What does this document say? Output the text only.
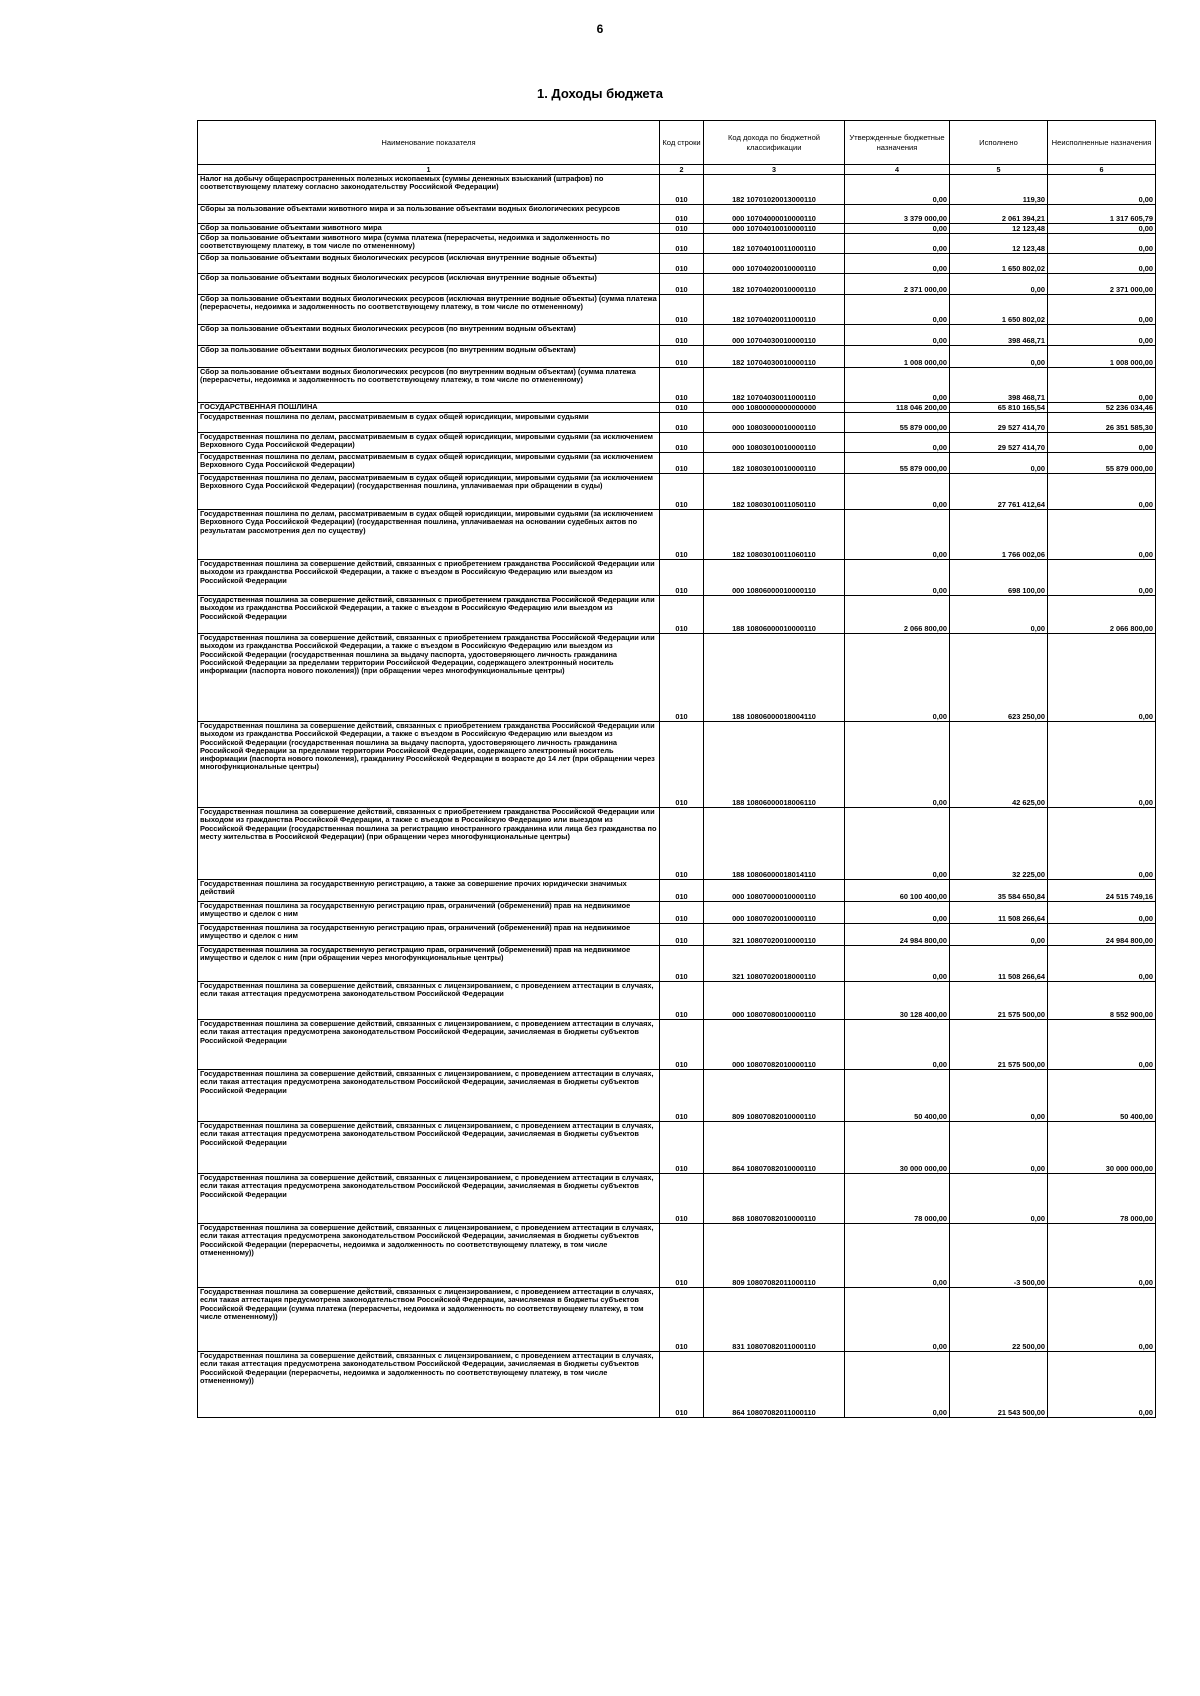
6
1. Доходы бюджета
Наименование показателя	Код строки	Код дохода по бюджетной классификации	Утвержденные бюджетные назначения	Исполнено	Неисполненные назначения
1	2	3	4	5	6
Налог на добычу общераспространенных полезных ископаемых (суммы денежных взысканий (штрафов) по соответствующему платежу согласно законодательству Российской Федерации)	010	182 10701020013000110	0,00	119,30	0,00
Сборы за пользование объектами животного мира и за пользование объектами водных биологических ресурсов	010	000 10704000010000110	3 379 000,00	2 061 394,21	1 317 605,79
Сбор за пользование объектами животного мира	010	000 10704010010000110	0,00	12 123,48	0,00
Сбор за пользование объектами животного мира (сумма платежа (перерасчеты, недоимка и задолженность по соответствующему платежу, в том числе по отмененному)	010	182 10704010011000110	0,00	12 123,48	0,00
Сбор за пользование объектами водных биологических ресурсов (исключая внутренние водные объекты)	010	000 10704020010000110	0,00	1 650 802,02	0,00
Сбор за пользование объектами водных биологических ресурсов (исключая внутренние водные объекты)	010	182 10704020010000110	2 371 000,00	0,00	2 371 000,00
Сбор за пользование объектами водных биологических ресурсов (исключая внутренние водные объекты) (сумма платежа (перерасчеты, недоимка и задолженность по соответствующему платежу, в том числе по отмененному)	010	182 10704020011000110	0,00	1 650 802,02	0,00
Сбор за пользование объектами водных биологических ресурсов (по внутренним водным объектам)	010	000 10704030010000110	0,00	398 468,71	0,00
Сбор за пользование объектами водных биологических ресурсов (по внутренним водным объектам)	010	182 10704030010000110	1 008 000,00	0,00	1 008 000,00
Сбор за пользование объектами водных биологических ресурсов (по внутренним водным объектам) (сумма платежа (перерасчеты, недоимка и задолженность по соответствующему платежу, в том числе по отмененному)	010	182 10704030011000110	0,00	398 468,71	0,00
ГОСУДАРСТВЕННАЯ ПОШЛИНА	010	000 10800000000000000	118 046 200,00	65 810 165,54	52 236 034,46
Государственная пошлина по делам, рассматриваемым в судах общей юрисдикции, мировыми судьями	010	000 10803000010000110	55 879 000,00	29 527 414,70	26 351 585,30
Государственная пошлина по делам, рассматриваемым в судах общей юрисдикции, мировыми судьями (за исключением Верховного Суда Российской Федерации)	010	000 10803010010000110	0,00	29 527 414,70	0,00
Государственная пошлина по делам, рассматриваемым в судах общей юрисдикции, мировыми судьями (за исключением Верховного Суда Российской Федерации)	010	182 10803010010000110	55 879 000,00	0,00	55 879 000,00
Государственная пошлина по делам, рассматриваемым в судах общей юрисдикции, мировыми судьями (за исключением Верховного Суда Российской Федерации) (государственная пошлина, уплачиваемая при обращении в суды)	010	182 10803010011050110	0,00	27 761 412,64	0,00
Государственная пошлина по делам, рассматриваемым в судах общей юрисдикции, мировыми судьями (за исключением Верховного Суда Российской Федерации) (государственная пошлина, уплачиваемая на основании судебных актов по результатам рассмотрения дел по существу)	010	182 10803010011060110	0,00	1 766 002,06	0,00
Государственная пошлина за совершение действий, связанных с приобретением гражданства Российской Федерации или выходом из гражданства Российской Федерации, а также с въездом в Российскую Федерацию или выездом из Российской Федерации	010	000 10806000010000110	0,00	698 100,00	0,00
Государственная пошлина за совершение действий, связанных с приобретением гражданства Российской Федерации или выходом из гражданства Российской Федерации, а также с въездом в Российскую Федерацию или выездом из Российской Федерации	010	188 10806000010000110	2 066 800,00	0,00	2 066 800,00
Государственная пошлина за совершение действий, связанных с приобретением гражданства Российской Федерации или выходом из гражданства Российской Федерации, а также с въездом в Российскую Федерацию или выездом из Российской Федерации (государственная пошлина за выдачу паспорта, удостоверяющего личность гражданина Российской Федерации за пределами территории Российской Федерации, содержащего электронный носитель информации (паспорта нового поколения)) (при обращении через многофункциональные центры)	010	188 10806000018004110	0,00	623 250,00	0,00
Государственная пошлина за совершение действий, связанных с приобретением гражданства Российской Федерации или выходом из гражданства Российской Федерации, а также с въездом в Российскую Федерацию или выездом из Российской Федерации (государственная пошлина за выдачу паспорта, удостоверяющего личность гражданина Российской Федерации за пределами территории Российской Федерации, содержащего электронный носитель информации (паспорта нового поколения), гражданину Российской Федерации в возрасте до 14 лет (при обращении через многофункциональные центры)	010	188 10806000018006110	0,00	42 625,00	0,00
Государственная пошлина за совершение действий, связанных с приобретением гражданства Российской Федерации или выходом из гражданства Российской Федерации, а также с въездом в Российскую Федерацию или выездом из Российской Федерации (государственная пошлина за регистрацию иностранного гражданина или лица без гражданства по месту жительства в Российской Федерации) (при обращении через многофункциональные центры)	010	188 10806000018014110	0,00	32 225,00	0,00
Государственная пошлина за государственную регистрацию, а также за совершение прочих юридически значимых действий	010	000 10807000010000110	60 100 400,00	35 584 650,84	24 515 749,16
Государственная пошлина за государственную регистрацию прав, ограничений (обременений) прав на недвижимое имущество и сделок с ним	010	000 10807020010000110	0,00	11 508 266,64	0,00
Государственная пошлина за государственную регистрацию прав, ограничений (обременений) прав на недвижимое имущество и сделок с ним	010	321 10807020010000110	24 984 800,00	0,00	24 984 800,00
Государственная пошлина за государственную регистрацию прав, ограничений (обременений) прав на недвижимое имущество и сделок с ним (при обращении через многофункциональные центры)	010	321 10807020018000110	0,00	11 508 266,64	0,00
Государственная пошлина за совершение действий, связанных с лицензированием, с проведением аттестации в случаях, если такая аттестация предусмотрена законодательством Российской Федерации	010	000 10807080010000110	30 128 400,00	21 575 500,00	8 552 900,00
Государственная пошлина за совершение действий, связанных с лицензированием, с проведением аттестации в случаях, если такая аттестация предусмотрена законодательством Российской Федерации, зачисляемая в бюджеты субъектов Российской Федерации	010	000 10807082010000110	0,00	21 575 500,00	0,00
Государственная пошлина за совершение действий, связанных с лицензированием, с проведением аттестации в случаях, если такая аттестация предусмотрена законодательством Российской Федерации, зачисляемая в бюджеты субъектов Российской Федерации	010	809 10807082010000110	50 400,00	0,00	50 400,00
Государственная пошлина за совершение действий, связанных с лицензированием, с проведением аттестации в случаях, если такая аттестация предусмотрена законодательством Российской Федерации, зачисляемая в бюджеты субъектов Российской Федерации	010	864 10807082010000110	30 000 000,00	0,00	30 000 000,00
Государственная пошлина за совершение действий, связанных с лицензированием, с проведением аттестации в случаях, если такая аттестация предусмотрена законодательством Российской Федерации, зачисляемая в бюджеты субъектов Российской Федерации	010	868 10807082010000110	78 000,00	0,00	78 000,00
Государственная пошлина за совершение действий, связанных с лицензированием, с проведением аттестации в случаях, если такая аттестация предусмотрена законодательством Российской Федерации, зачисляемая в бюджеты субъектов Российской Федерации (перерасчеты, недоимка и задолженность по соответствующему платежу, в том числе отмененному))	010	809 10807082011000110	0,00	-3 500,00	0,00
Государственная пошлина за совершение действий, связанных с лицензированием, с проведением аттестации в случаях, если такая аттестация предусмотрена законодательством Российской Федерации, зачисляемая в бюджеты субъектов Российской Федерации (сумма платежа (перерасчеты, недоимка и задолженность по соответствующему платежу, в том числе отмененному))	010	831 10807082011000110	0,00	22 500,00	0,00
Государственная пошлина за совершение действий, связанных с лицензированием, с проведением аттестации в случаях, если такая аттестация предусмотрена законодательством Российской Федерации, зачисляемая в бюджеты субъектов Российской Федерации (перерасчеты, недоимка и задолженность по соответствующему платежу, в том числе отмененному))	010	864 10807082011000110	0,00	21 543 500,00	0,00
